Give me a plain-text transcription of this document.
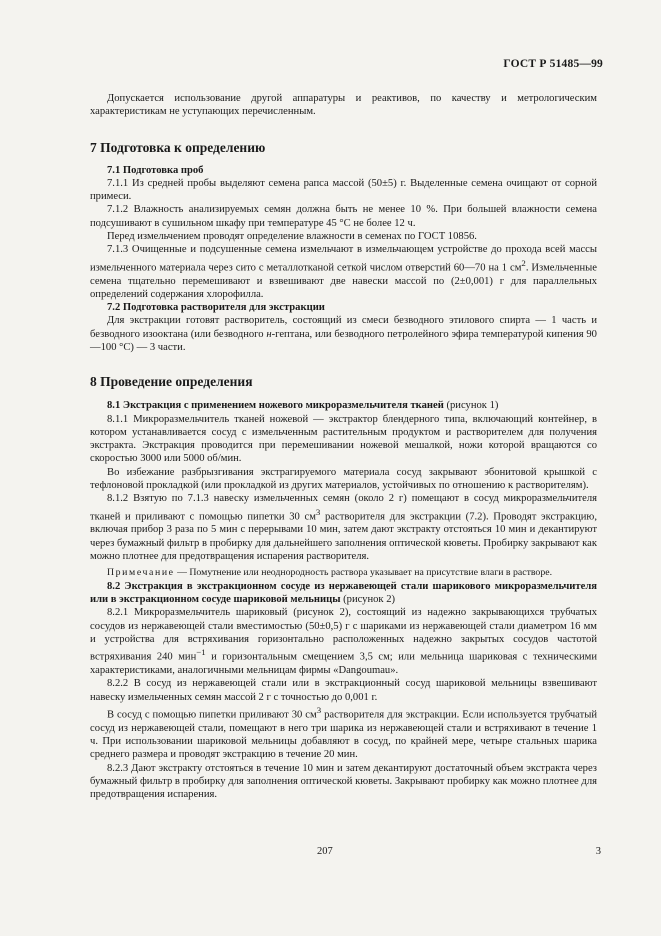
ГОСТ Р 51485—99

Допускается использование другой аппаратуры и реактивов, по качеству и метрологическим характеристикам не уступающих перечисленным.

7 Подготовка к определению

7.1 Подготовка проб

7.1.1 Из средней пробы выделяют семена рапса массой (50±5) г. Выделенные семена очищают от сорной примеси.

7.1.2 Влажность анализируемых семян должна быть не менее 10 %. При большей влажности семена подсушивают в сушильном шкафу при температуре 45 °С не более 12 ч.

Перед измельчением проводят определение влажности в семенах по ГОСТ 10856.

7.1.3 Очищенные и подсушенные семена измельчают в измельчающем устройстве до прохода всей массы измельченного материала через сито с металлотканой сеткой числом отверстий 60—70 на 1 $см^2$. Измельченные семена тщательно перемешивают и взвешивают две навески массой по (2±0,001) г для параллельных определений содержания хлорофилла.

7.2 Подготовка растворителя для экстракции

Для экстракции готовят растворитель, состоящий из смеси безводного этилового спирта — 1 часть и безводного изооктана (или безводного н-гептана, или безводного петролейного эфира температурой кипения 90—100 °С) — 3 части.

8 Проведение определения

8.1 Экстракция с применением ножевого микроразмельчителя тканей (рисунок 1)

8.1.1 Микроразмельчитель тканей ножевой — экстрактор блендерного типа, включающий контейнер, в котором устанавливается сосуд с измельченным растительным продуктом и растворителем для получения экстракта. Экстракция проводится при перемешивании ножевой мешалкой, ножи которой вращаются со скоростью 3000 или 5000 об/мин.

Во избежание разбрызгивания экстрагируемого материала сосуд закрывают эбонитовой крышкой с тефлоновой прокладкой (или прокладкой из других материалов, устойчивых по отношению к растворителям).

8.1.2 Взятую по 7.1.3 навеску измельченных семян (около 2 г) помещают в сосуд микроразмельчителя тканей и приливают с помощью пипетки 30 $см^3$ растворителя для экстракции (7.2). Проводят экстракцию, включая прибор 3 раза по 5 мин с перерывами 10 мин, затем дают экстракту отстояться 10 мин и декантируют через бумажный фильтр в пробирку для дальнейшего заполнения оптической кюветы. Пробирку закрывают как можно плотнее для предотвращения испарения растворителя.

Примечание — Помутнение или неоднородность раствора указывает на присутствие влаги в растворе.

8.2 Экстракция в экстракционном сосуде из нержавеющей стали шарикового микроразмельчителя или в экстракционном сосуде шариковой мельницы (рисунок 2)

8.2.1 Микроразмельчитель шариковый (рисунок 2), состоящий из надежно закрывающихся трубчатых сосудов из нержавеющей стали вместимостью (50±0,5) г с шариками из нержавеющей стали диаметром 16 мм и устройства для встряхивания горизонтально расположенных надежно закрытых сосудов частотой встряхивания 240 мин$^{-1}$ и горизонтальным смещением 3,5 см; или мельница шариковая с техническими характеристиками, аналогичными мельницам фирмы «Dangoumau».

8.2.2 В сосуд из нержавеющей стали или в экстракционный сосуд шариковой мельницы взвешивают навеску измельченных семян массой 2 г с точностью до 0,001 г.

В сосуд с помощью пипетки приливают 30 $см^3$ растворителя для экстракции. Если используется трубчатый сосуд из нержавеющей стали, помещают в него три шарика из нержавеющей стали и встряхивают в течение 1 ч. При использовании шариковой мельницы добавляют в сосуд, по крайней мере, четыре стальных шарика среднего размера и проводят экстракцию в течение 20 мин.

8.2.3 Дают экстракту отстояться в течение 10 мин и затем декантируют достаточный объем экстракта через бумажный фильтр в пробирку для заполнения оптической кюветы. Закрывают пробирку как можно плотнее для предотвращения испарения.

207	3
